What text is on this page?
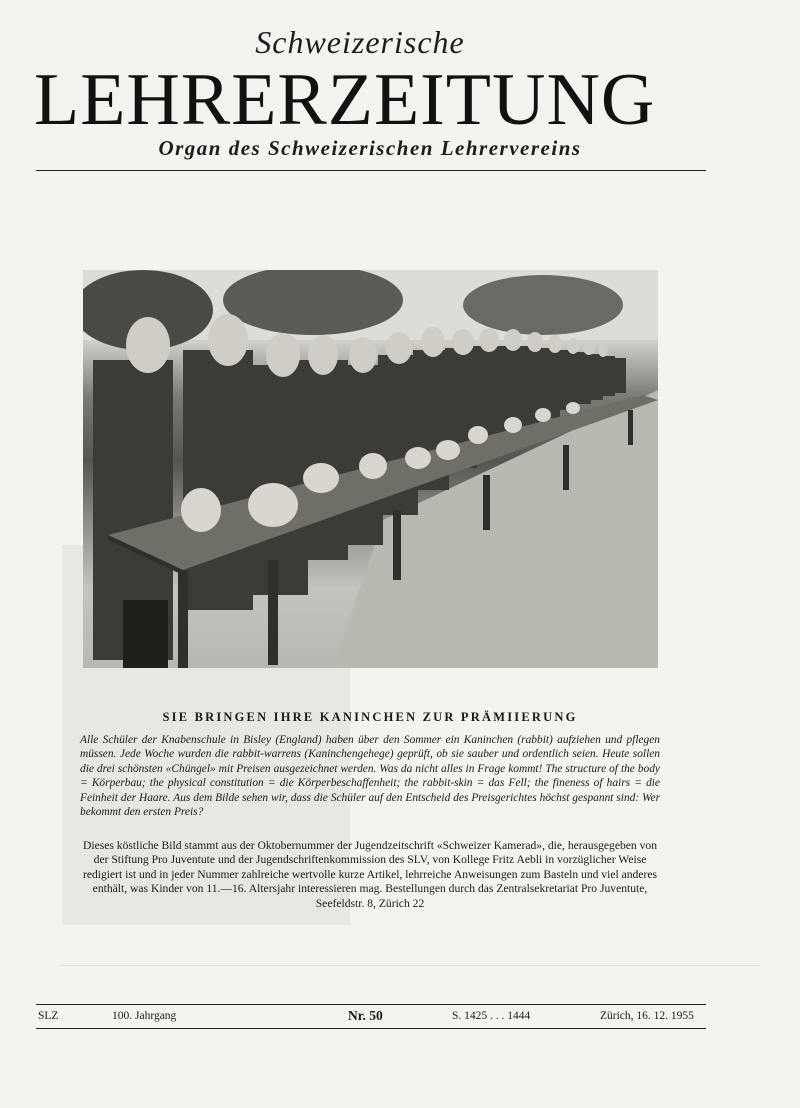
Schweizerische
LEHRERZEITUNG
Organ des Schweizerischen Lehrervereins
SIE BRINGEN IHRE KANINCHEN ZUR PRÄMIIERUNG
Alle Schüler der Knabenschule in Bisley (England) haben über den Sommer ein Kaninchen (rabbit) aufziehen und pflegen müssen. Jede Woche wurden die rabbit-warrens (Kaninchengehege) geprüft, ob sie sauber und ordentlich seien. Heute sollen die drei schönsten «Chüngel» mit Preisen ausgezeichnet werden. Was da nicht alles in Frage kommt! The structure of the body = Körperbau; the physical constitution = die Körperbeschaffenheit; the rabbit-skin = das Fell; the fineness of hairs = die Feinheit der Haare. Aus dem Bilde sehen wir, dass die Schüler auf den Entscheid des Preisgerichtes höchst gespannt sind: Wer bekommt den ersten Preis?
Dieses köstliche Bild stammt aus der Oktobernummer der Jugendzeitschrift «Schweizer Kamerad», die, herausgegeben von der Stiftung Pro Juventute und der Jugendschriftenkommission des SLV, von Kollege Fritz Aebli in vorzüglicher Weise redigiert ist und in jeder Nummer zahlreiche wertvolle kurze Artikel, lehrreiche Anweisungen zum Basteln und viel anderes enthält, was Kinder von 11.—16. Altersjahr interessieren mag. Bestellungen durch das Zentralsekretariat Pro Juventute, Seefeldstr. 8, Zürich 22
SLZ	100. Jahrgang	Nr. 50	S. 1425 . . . 1444	Zürich, 16. 12. 1955
